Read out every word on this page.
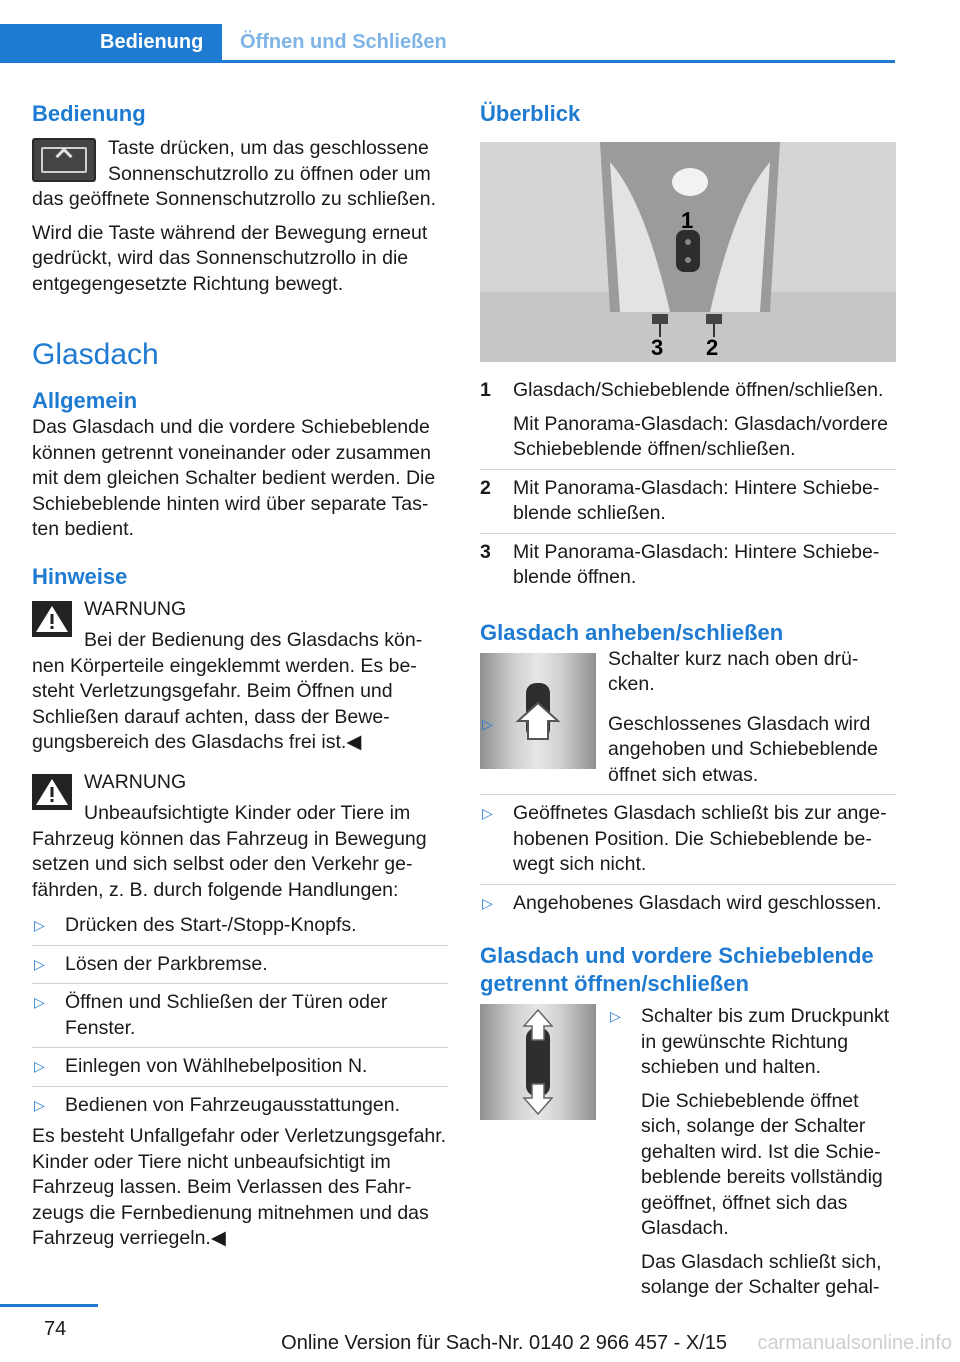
Bedienung	Öffnen und Schließen
Bedienung

Taste drücken, um das geschlossene Sonnenschutzrollo zu öffnen oder um das geöffnete Sonnenschutzrollo zu schließen.

Wird die Taste während der Bewegung erneut gedrückt, wird das Sonnenschutzrollo in die entgegengesetzte Richtung bewegt.

Glasdach
Allgemein

Das Glasdach und die vordere Schiebeblende können getrennt voneinander oder zusammen mit dem gleichen Schalter bedient werden. Die Schiebeblende hinten wird über separate Tasten bedient.

Hinweise
WARNUNG
Bei der Bedienung des Glasdachs können Körperteile eingeklemmt werden. Es besteht Verletzungsgefahr. Beim Öffnen und Schließen darauf achten, dass der Bewegungsbereich des Glasdachs frei ist.◀
WARNUNG
Unbeaufsichtigte Kinder oder Tiere im Fahrzeug können das Fahrzeug in Bewegung setzen und sich selbst oder den Verkehr gefährden, z. B. durch folgende Handlungen:
▷ Drücken des Start-/Stopp-Knopfs.
▷ Lösen der Parkbremse.
▷ Öffnen und Schließen der Türen oder Fenster.
▷ Einlegen von Wählhebelposition N.
▷ Bedienen von Fahrzeugausstattungen.

Es besteht Unfallgefahr oder Verletzungsgefahr. Kinder oder Tiere nicht unbeaufsichtigt im Fahrzeug lassen. Beim Verlassen des Fahrzeugs die Fernbedienung mitnehmen und das Fahrzeug verriegeln.◀

Überblick
1
3 2
1 Glasdach/Schiebeblende öffnen/schließen.
Mit Panorama-Glasdach: Glasdach/vordere Schiebeblende öffnen/schließen.
2 Mit Panorama-Glasdach: Hintere Schiebeblende schließen.
3 Mit Panorama-Glasdach: Hintere Schiebeblende öffnen.
Glasdach anheben/schließen

Schalter kurz nach oben drücken.

▷	Geschlossenes Glasdach wird angehoben und Schiebeblende öffnet sich etwas.
▷ Geöffnetes Glasdach schließt bis zur angehobenen Position. Die Schiebeblende bewegt sich nicht.
▷ Angehobenes Glasdach wird geschlossen.
Glasdach und vordere Schiebeblende getrennt öffnen/schließen
▷ Schalter bis zum Druckpunkt in gewünschte Richtung schieben und halten.
Die Schiebeblende öffnet sich, solange der Schalter gehalten wird. Ist die Schiebeblende bereits vollständig geöffnet, öffnet sich das Glasdach.
Das Glasdach schließt sich, solange der Schalter gehal-
74
Online Version für Sach-Nr. 0140 2 966 457 - X/15 carmanualsonline.info
